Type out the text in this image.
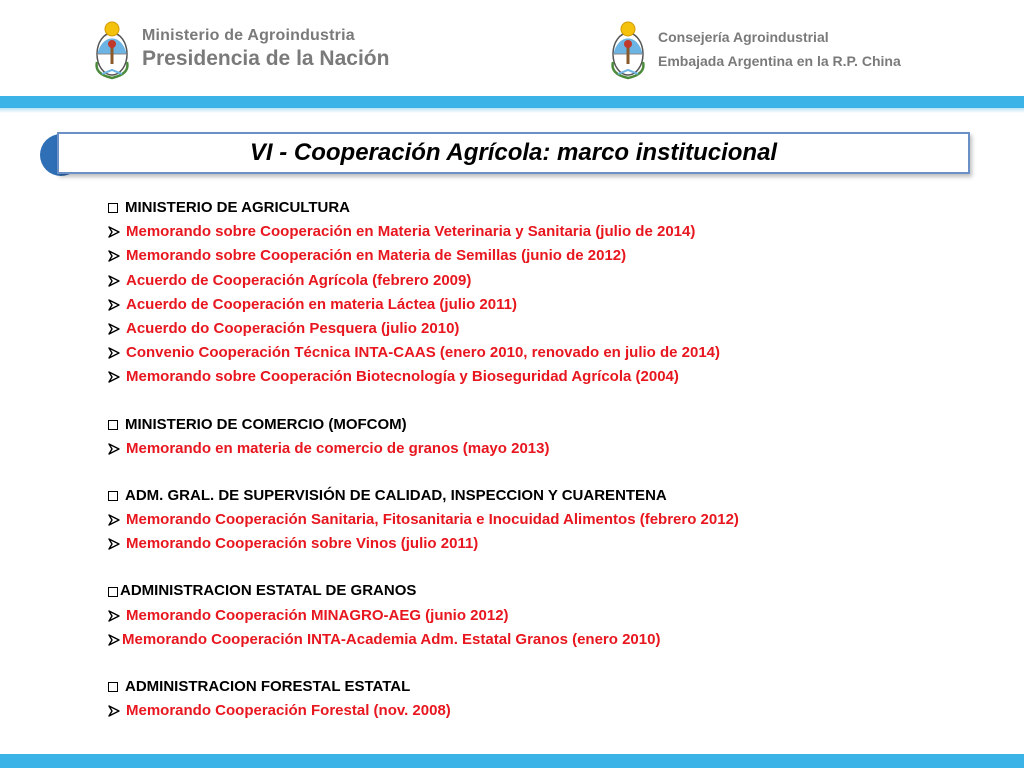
Ministerio de Agroindustria
Presidencia de la Nación
Consejería Agroindustrial
Embajada Argentina en la R.P. China
VI - Cooperación Agrícola: marco institucional
MINISTERIO DE AGRICULTURA
Memorando sobre Cooperación en Materia Veterinaria y Sanitaria (julio de 2014)
Memorando sobre Cooperación en Materia de Semillas (junio de 2012)
Acuerdo de Cooperación Agrícola (febrero 2009)
Acuerdo de Cooperación en materia Láctea (julio 2011)
Acuerdo do Cooperación Pesquera (julio 2010)
Convenio Cooperación Técnica INTA-CAAS (enero 2010, renovado en julio de 2014)
Memorando sobre Cooperación Biotecnología y Bioseguridad Agrícola (2004)
MINISTERIO DE COMERCIO (MOFCOM)
Memorando en materia de comercio de granos (mayo 2013)
ADM. GRAL. DE SUPERVISIÓN DE CALIDAD, INSPECCION Y CUARENTENA
Memorando Cooperación Sanitaria, Fitosanitaria e Inocuidad Alimentos (febrero 2012)
Memorando Cooperación sobre Vinos (julio 2011)
ADMINISTRACION ESTATAL DE GRANOS
Memorando Cooperación MINAGRO-AEG (junio 2012)
Memorando Cooperación INTA-Academia Adm. Estatal Granos (enero 2010)
ADMINISTRACION FORESTAL ESTATAL
Memorando Cooperación Forestal (nov. 2008)
